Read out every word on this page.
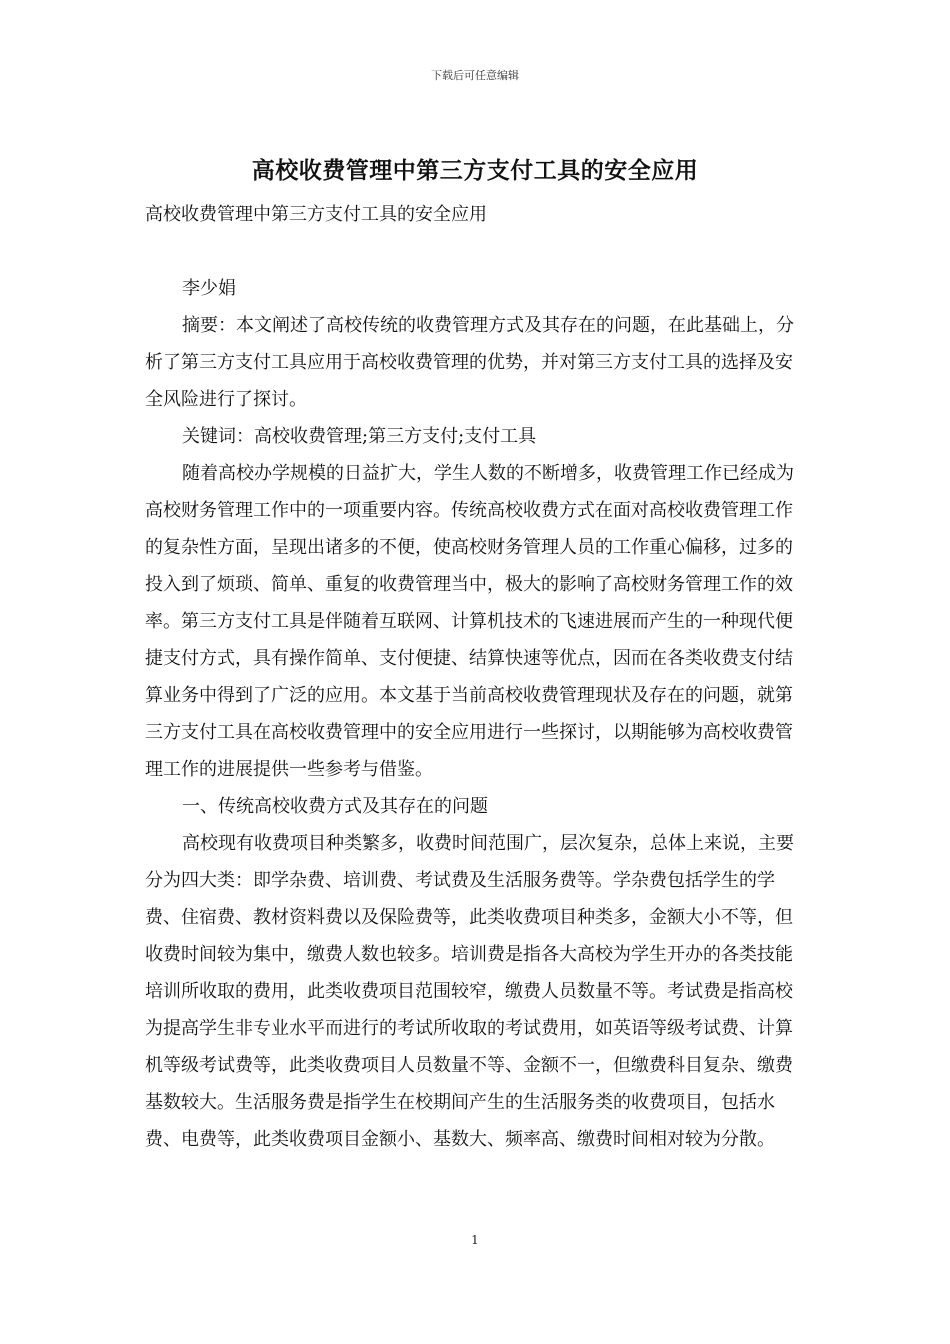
下载后可任意编辑
高校收费管理中第三方支付工具的安全应用

高校收费管理中第三方支付工具的安全应用

李少娟

摘要：本文阐述了高校传统的收费管理方式及其存在的问题，在此基础上，分析了第三方支付工具应用于高校收费管理的优势，并对第三方支付工具的选择及安全风险进行了探讨。

关键词：高校收费管理;第三方支付;支付工具

随着高校办学规模的日益扩大，学生人数的不断增多，收费管理工作已经成为高校财务管理工作中的一项重要内容。传统高校收费方式在面对高校收费管理工作的复杂性方面，呈现出诸多的不便，使高校财务管理人员的工作重心偏移，过多的投入到了烦琐、简单、重复的收费管理当中，极大的影响了高校财务管理工作的效率。第三方支付工具是伴随着互联网、计算机技术的飞速进展而产生的一种现代便捷支付方式，具有操作简单、支付便捷、结算快速等优点，因而在各类收费支付结算业务中得到了广泛的应用。本文基于当前高校收费管理现状及存在的问题，就第三方支付工具在高校收费管理中的安全应用进行一些探讨，以期能够为高校收费管理工作的进展提供一些参考与借鉴。

一、传统高校收费方式及其存在的问题

高校现有收费项目种类繁多，收费时间范围广，层次复杂，总体上来说，主要分为四大类：即学杂费、培训费、考试费及生活服务费等。学杂费包括学生的学费、住宿费、教材资料费以及保险费等，此类收费项目种类多，金额大小不等，但收费时间较为集中，缴费人数也较多。培训费是指各大高校为学生开办的各类技能培训所收取的费用，此类收费项目范围较窄，缴费人员数量不等。考试费是指高校为提高学生非专业水平而进行的考试所收取的考试费用，如英语等级考试费、计算机等级考试费等，此类收费项目人员数量不等、金额不一，但缴费科目复杂、缴费基数较大。生活服务费是指学生在校期间产生的生活服务类的收费项目，包括水费、电费等，此类收费项目金额小、基数大、频率高、缴费时间相对较为分散。

1
